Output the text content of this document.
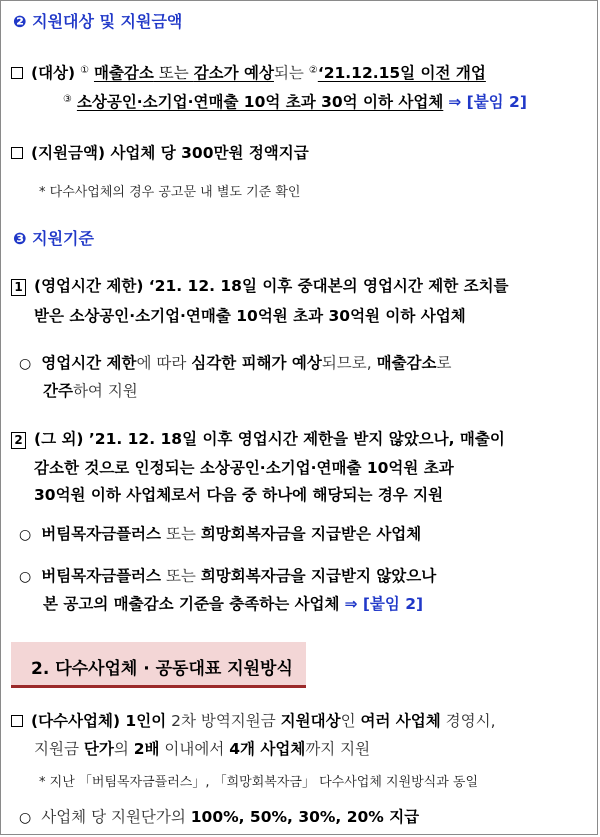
❷ 지원대상 및 지원금액
(대상) ① 매출감소 또는 감소가 예상되는 ②‘21.12.15일 이전 개업
③ 소상공인·소기업·연매출 10억 초과 30억 이하 사업체 ⇒ [붙임 2]
(지원금액) 사업체 당 300만원 정액지급
* 다수사업체의 경우 공고문 내 별도 기준 확인
❸ 지원기준
1 (영업시간 제한) ‘21. 12. 18일 이후 중대본의 영업시간 제한 조치를
받은 소상공인·소기업·연매출 10억원 초과 30억원 이하 사업체
○ 영업시간 제한에 따라 심각한 피해가 예상되므로, 매출감소로
간주하여 지원
2 (그 외) ’21. 12. 18일 이후 영업시간 제한을 받지 않았으나, 매출이
감소한 것으로 인정되는 소상공인·소기업·연매출 10억원 초과
30억원 이하 사업체로서 다음 중 하나에 해당되는 경우 지원
○ 버팀목자금플러스 또는 희망회복자금을 지급받은 사업체
○ 버팀목자금플러스 또는 희망회복자금을 지급받지 않았으나
본 공고의 매출감소 기준을 충족하는 사업체 ⇒ [붙임 2]
2. 다수사업체 · 공동대표 지원방식
(다수사업체) 1인이 2차 방역지원금 지원대상인 여러 사업체 경영시,
지원금 단가의 2배 이내에서 4개 사업체까지 지원
* 지난 「버팀목자금플러스」, 「희망회복자금」 다수사업체 지원방식과 동일
○ 사업체 당 지원단가의 100%, 50%, 30%, 20% 지급
